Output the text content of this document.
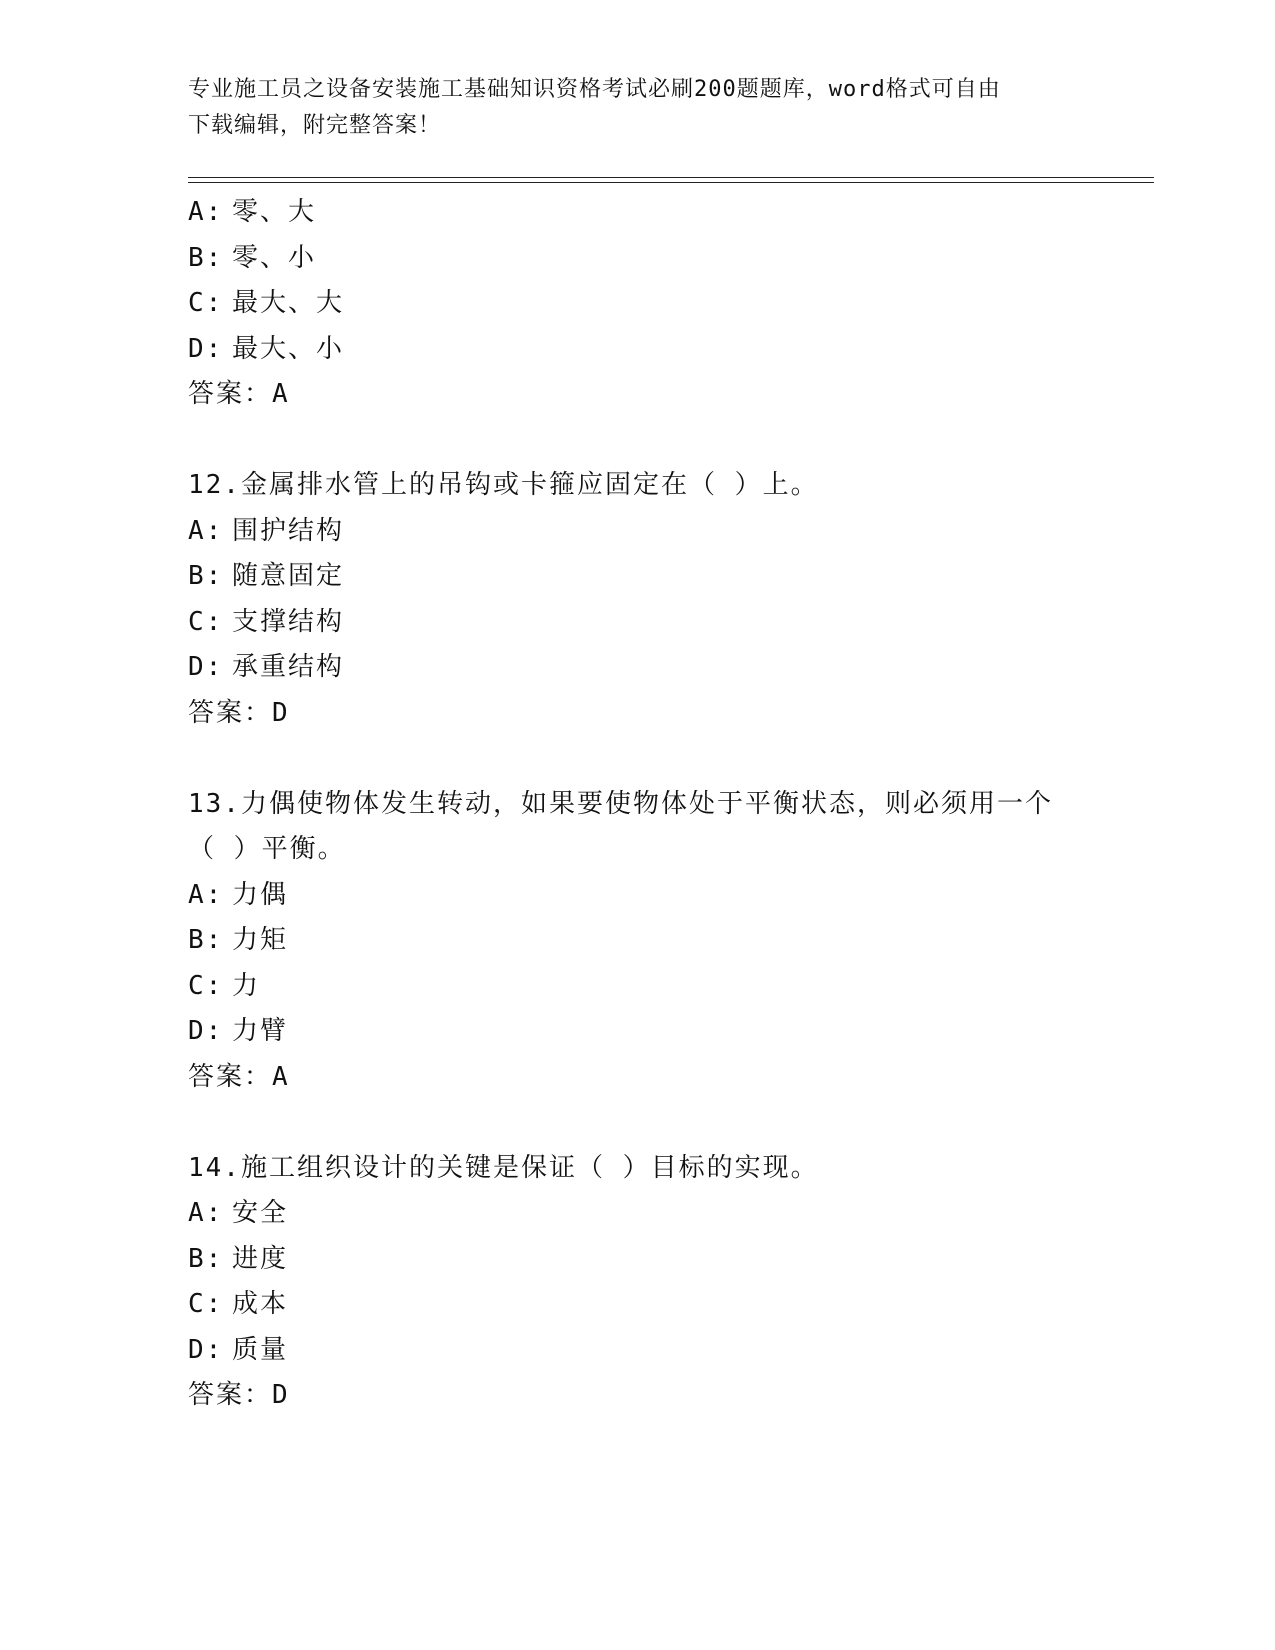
专业施工员之设备安装施工基础知识资格考试必刷200题题库，word格式可自由
下载编辑，附完整答案！
A: 零、大
B: 零、小
C: 最大、大
D: 最大、小
答案：A
12.金属排水管上的吊钩或卡箍应固定在（ ）上。
A: 围护结构
B: 随意固定
C: 支撑结构
D: 承重结构
答案：D
13.力偶使物体发生转动，如果要使物体处于平衡状态，则必须用一个
（ ）平衡。
A: 力偶
B: 力矩
C: 力
D: 力臂
答案：A
14.施工组织设计的关键是保证（ ）目标的实现。
A: 安全
B: 进度
C: 成本
D: 质量
答案：D
